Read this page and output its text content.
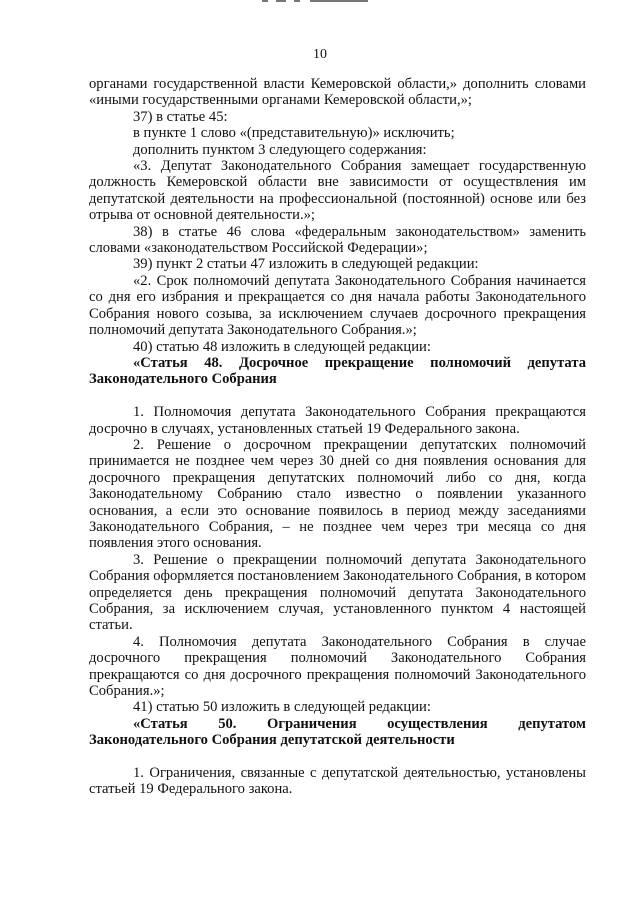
10

органами государственной власти Кемеровской области,» дополнить словами «иными государственными органами Кемеровской области,»;

37) в статье 45:

в пункте 1 слово «(представительную)» исключить;

дополнить пунктом 3 следующего содержания:

«3. Депутат Законодательного Собрания замещает государственную должность Кемеровской области вне зависимости от осуществления им депутатской деятельности на профессиональной (постоянной) основе или без отрыва от основной деятельности.»;

38) в статье 46 слова «федеральным законодательством» заменить словами «законодательством Российской Федерации»;

39) пункт 2 статьи 47 изложить в следующей редакции:

«2. Срок полномочий депутата Законодательного Собрания начинается со дня его избрания и прекращается со дня начала работы Законодательного Собрания нового созыва, за исключением случаев досрочного прекращения полномочий депутата Законодательного Собрания.»;

40) статью 48 изложить в следующей редакции:

«Статья 48. Досрочное прекращение полномочий депутата Законодательного Собрания

1. Полномочия депутата Законодательного Собрания прекращаются досрочно в случаях, установленных статьей 19 Федерального закона.

2. Решение о досрочном прекращении депутатских полномочий принимается не позднее чем через 30 дней со дня появления основания для досрочного прекращения депутатских полномочий либо со дня, когда Законодательному Собранию стало известно о появлении указанного основания, а если это основание появилось в период между заседаниями Законодательного Собрания, – не позднее чем через три месяца со дня появления этого основания.

3. Решение о прекращении полномочий депутата Законодательного Собрания оформляется постановлением Законодательного Собрания, в котором определяется день прекращения полномочий депутата Законодательного Собрания, за исключением случая, установленного пунктом 4 настоящей статьи.

4. Полномочия депутата Законодательного Собрания в случае досрочного прекращения полномочий Законодательного Собрания прекращаются со дня досрочного прекращения полномочий Законодательного Собрания.»;

41) статью 50 изложить в следующей редакции:

«Статья 50. Ограничения осуществления депутатом Законодательного Собрания депутатской деятельности

1. Ограничения, связанные с депутатской деятельностью, установлены статьей 19 Федерального закона.
